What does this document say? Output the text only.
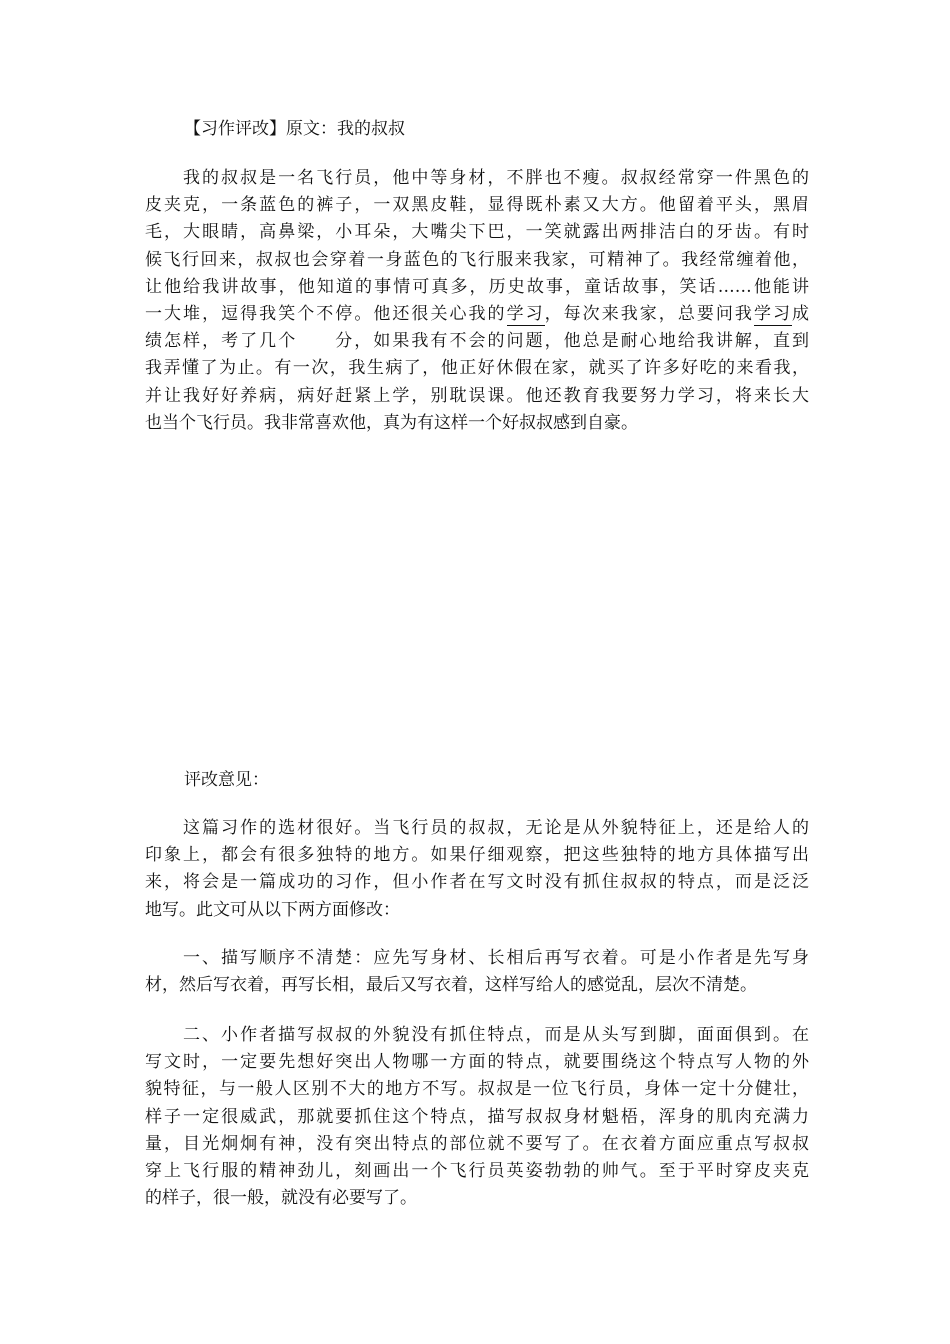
【习作评改】原文：我的叔叔
我的叔叔是一名飞行员，他中等身材，不胖也不瘦。叔叔经常穿一件黑色的
皮夹克，一条蓝色的裤子，一双黑皮鞋，显得既朴素又大方。他留着平头，黑眉
毛，大眼睛，高鼻梁，小耳朵，大嘴尖下巴，一笑就露出两排洁白的牙齿。有时
候飞行回来，叔叔也会穿着一身蓝色的飞行服来我家，可精神了。我经常缠着他，
让他给我讲故事，他知道的事情可真多，历史故事，童话故事，笑话……他能讲
一大堆，逗得我笑个不停。他还很关心我的学习，每次来我家，总要问我学习成
绩怎样，考了几个 分，如果我有不会的问题，他总是耐心地给我讲解，直到
我弄懂了为止。有一次，我生病了，他正好休假在家，就买了许多好吃的来看我，
并让我好好养病，病好赶紧上学，别耽误课。他还教育我要努力学习，将来长大
也当个飞行员。我非常喜欢他，真为有这样一个好叔叔感到自豪。
评改意见：
这篇习作的选材很好。当飞行员的叔叔，无论是从外貌特征上，还是给人的
印象上，都会有很多独特的地方。如果仔细观察，把这些独特的地方具体描写出
来，将会是一篇成功的习作，但小作者在写文时没有抓住叔叔的特点，而是泛泛
地写。此文可从以下两方面修改：
一、描写顺序不清楚：应先写身材、长相后再写衣着。可是小作者是先写身
材，然后写衣着，再写长相，最后又写衣着，这样写给人的感觉乱，层次不清楚。
二、小作者描写叔叔的外貌没有抓住特点，而是从头写到脚，面面俱到。在
写文时，一定要先想好突出人物哪一方面的特点，就要围绕这个特点写人物的外
貌特征，与一般人区别不大的地方不写。叔叔是一位飞行员，身体一定十分健壮，
样子一定很威武，那就要抓住这个特点，描写叔叔身材魁梧，浑身的肌肉充满力
量，目光炯炯有神，没有突出特点的部位就不要写了。在衣着方面应重点写叔叔
穿上飞行服的精神劲儿，刻画出一个飞行员英姿勃勃的帅气。至于平时穿皮夹克
的样子，很一般，就没有必要写了。
